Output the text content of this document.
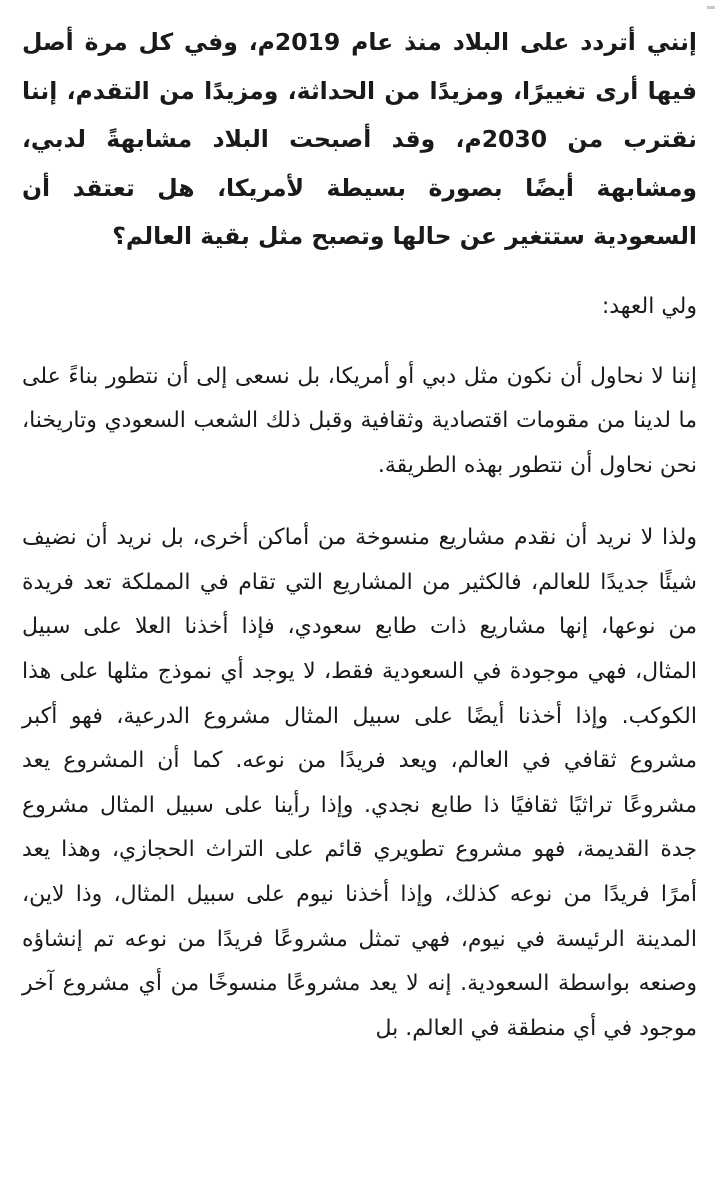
إنني أتردد على البلاد منذ عام 2019م، وفي كل مرة أصل فيها أرى تغييرًا، ومزيدًا من الحداثة، ومزيدًا من التقدم، إننا نقترب من 2030م، وقد أصبحت البلاد مشابهةً لدبي، ومشابهة أيضًا بصورة بسيطة لأمريكا، هل تعتقد أن السعودية ستتغير عن حالها وتصبح مثل بقية العالم؟

ولي العهد:

إننا لا نحاول أن نكون مثل دبي أو أمريكا، بل نسعى إلى أن نتطور بناءً على ما لدينا من مقومات اقتصادية وثقافية وقبل ذلك الشعب السعودي وتاريخنا، نحن نحاول أن نتطور بهذه الطريقة.

ولذا لا نريد أن نقدم مشاريع منسوخة من أماكن أخرى، بل نريد أن نضيف شيئًا جديدًا للعالم، فالكثير من المشاريع التي تقام في المملكة تعد فريدة من نوعها، إنها مشاريع ذات طابع سعودي، فإذا أخذنا العلا على سبيل المثال، فهي موجودة في السعودية فقط، لا يوجد أي نموذج مثلها على هذا الكوكب. وإذا أخذنا أيضًا على سبيل المثال مشروع الدرعية، فهو أكبر مشروع ثقافي في العالم، ويعد فريدًا من نوعه. كما أن المشروع يعد مشروعًا تراثيًا ثقافيًا ذا طابع نجدي. وإذا رأينا على سبيل المثال مشروع جدة القديمة، فهو مشروع تطويري قائم على التراث الحجازي، وهذا يعد أمرًا فريدًا من نوعه كذلك، وإذا أخذنا نيوم على سبيل المثال، وذا لاين، المدينة الرئيسة في نيوم، فهي تمثل مشروعًا فريدًا من نوعه تم إنشاؤه وصنعه بواسطة السعودية. إنه لا يعد مشروعًا منسوخًا من أي مشروع آخر موجود في أي منطقة في العالم. بل
